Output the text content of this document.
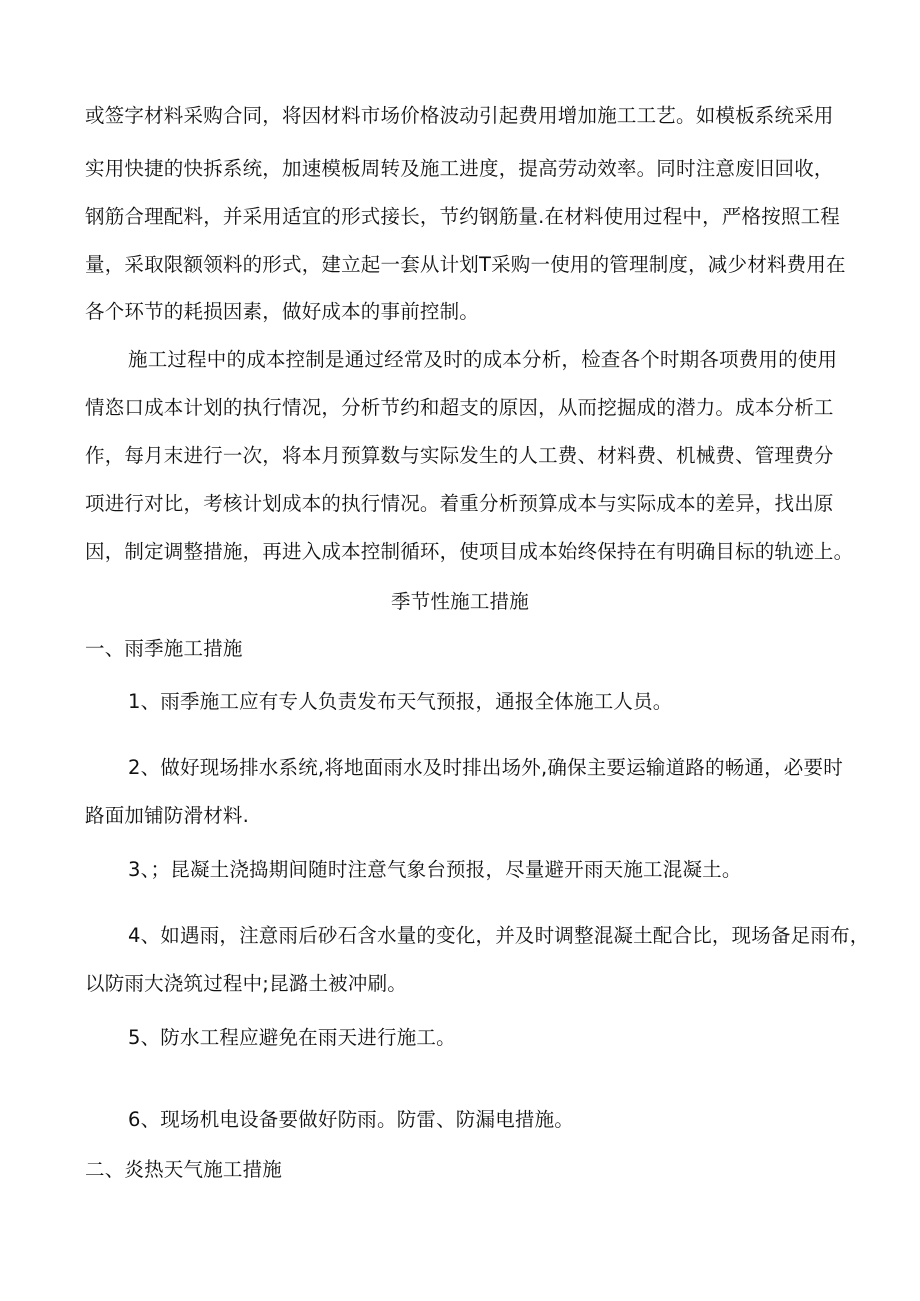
或签字材料采购合同，将因材料市场价格波动引起费用增加施工工艺。如模板系统采用
实用快捷的快拆系统，加速模板周转及施工进度，提高劳动效率。同时注意废旧回收，
钢筋合理配料，并采用适宜的形式接长，节约钢筋量.在材料使用过程中，严格按照工程
量，采取限额领料的形式，建立起一套从计划T采购一使用的管理制度，减少材料费用在
各个环节的耗损因素，做好成本的事前控制。
施工过程中的成本控制是通过经常及时的成本分析，检查各个时期各项费用的使用
情恣口成本计划的执行情况，分析节约和超支的原因，从而挖掘成的潜力。成本分析工
作，每月末进行一次，将本月预算数与实际发生的人工费、材料费、机械费、管理费分
项进行对比，考核计划成本的执行情况。着重分析预算成本与实际成本的差异，找出原
因，制定调整措施，再进入成本控制循环，使项目成本始终保持在有明确目标的轨迹上。
季节性施工措施
一、雨季施工措施
1、雨季施工应有专人负责发布天气预报，通报全体施工人员。
2、做好现场排水系统,将地面雨水及时排出场外,确保主要运输道路的畅通，必要时
路面加铺防滑材料.
3、；昆凝土浇捣期间随时注意气象台预报，尽量避开雨天施工混凝土。
4、如遇雨，注意雨后砂石含水量的变化，并及时调整混凝土配合比，现场备足雨布，
以防雨大浇筑过程中;昆潞土被冲刷。
5、防水工程应避免在雨天进行施工。
6、现场机电设备要做好防雨。防雷、防漏电措施。
二、炎热天气施工措施
